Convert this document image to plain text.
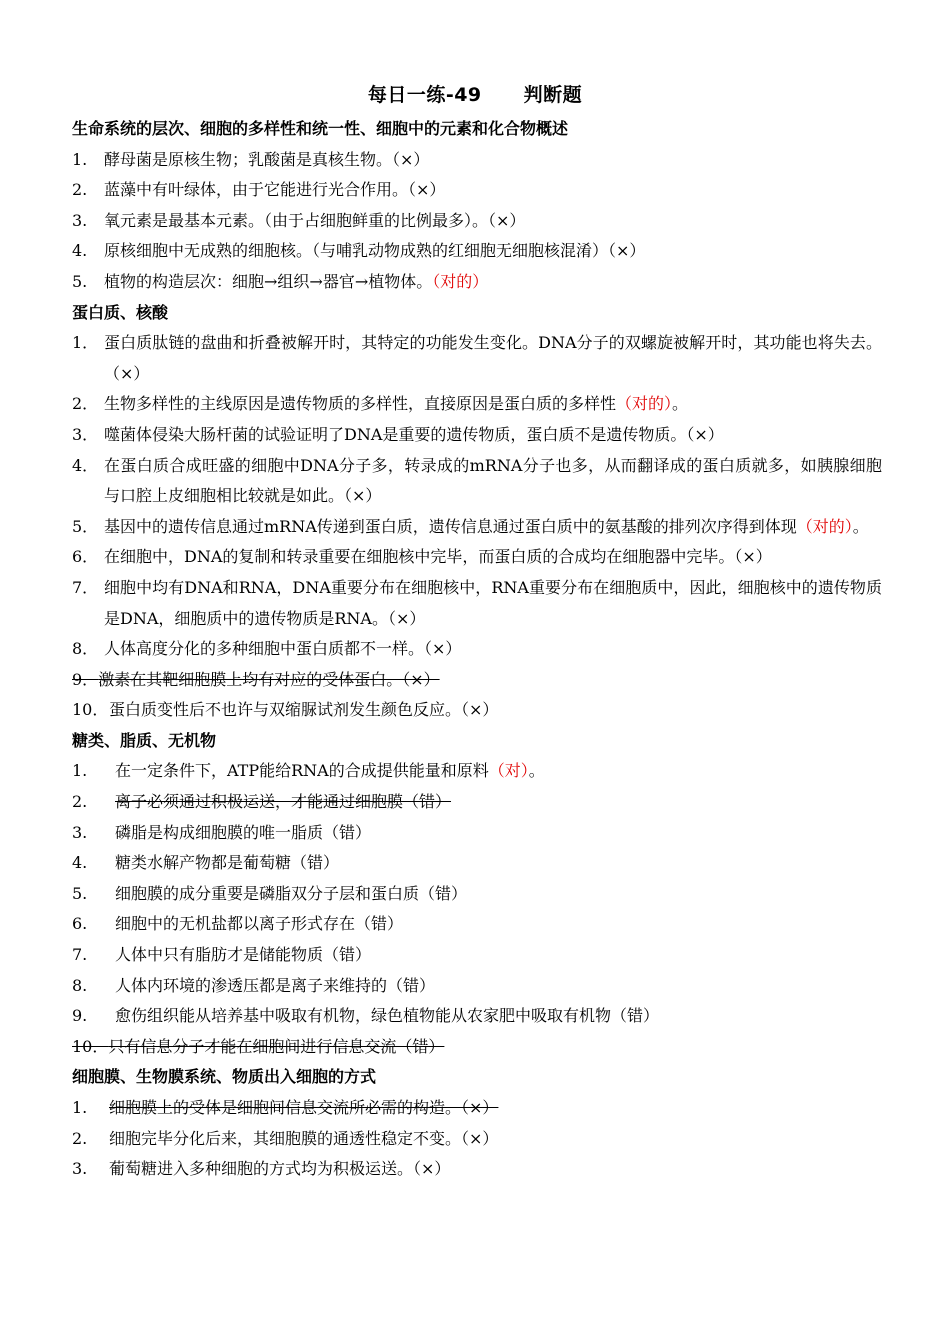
每日一练-49 判断题
生命系统的层次、细胞的多样性和统一性、细胞中的元素和化合物概述
1.	酵母菌是原核生物；乳酸菌是真核生物。（×）
2.	蓝藻中有叶绿体，由于它能进行光合作用。（×）
3.	氧元素是最基本元素。（由于占细胞鲜重的比例最多）。（×）
4.	原核细胞中无成熟的细胞核。（与哺乳动物成熟的红细胞无细胞核混淆）（×）
5.	植物的构造层次：细胞→组织→器官→植物体。（对的）
蛋白质、核酸
1． 蛋白质肽链的盘曲和折叠被解开时，其特定的功能发生变化。DNA分子的双螺旋被解开时，其功能也将失去。（×）
2． 生物多样性的主线原因是遗传物质的多样性，直接原因是蛋白质的多样性（对的）。
3． 噬菌体侵染大肠杆菌的试验证明了DNA是重要的遗传物质，蛋白质不是遗传物质。（×）
4． 在蛋白质合成旺盛的细胞中DNA分子多，转录成的mRNA分子也多，从而翻译成的蛋白质就多，如胰腺细胞与口腔上皮细胞相比较就是如此。（×）
5． 基因中的遗传信息通过mRNA传递到蛋白质，遗传信息通过蛋白质中的氨基酸的排列次序得到体现（对的）。
6． 在细胞中，DNA的复制和转录重要在细胞核中完毕，而蛋白质的合成均在细胞器中完毕。（×）
7． 细胞中均有DNA和RNA，DNA重要分布在细胞核中，RNA重要分布在细胞质中，因此，细胞核中的遗传物质是DNA，细胞质中的遗传物质是RNA。（×）
8． 人体高度分化的多种细胞中蛋白质都不一样。（×）
9．激素在其靶细胞膜上均有对应的受体蛋白。（×）
10． 蛋白质变性后不也许与双缩脲试剂发生颜色反应。（×）
糖类、脂质、无机物
1.	在一定条件下，ATP能给RNA的合成提供能量和原料（对）。
2. 离子必须通过积极运送，才能通过细胞膜（错）
3.	磷脂是构成细胞膜的唯一脂质（错）
4.	糖类水解产物都是葡萄糖（错）
5.	细胞膜的成分重要是磷脂双分子层和蛋白质（错）
6.	细胞中的无机盐都以离子形式存在（错）
7.	人体中只有脂肪才是储能物质（错）
8.	人体内环境的渗透压都是离子来维持的（错）
9.	愈伤组织能从培养基中吸取有机物，绿色植物能从农家肥中吸取有机物（错）
10．只有信息分子才能在细胞间进行信息交流（错）
细胞膜、生物膜系统、物质出入细胞的方式
1. 细胞膜上的受体是细胞间信息交流所必需的构造。（×）
2.	细胞完毕分化后来，其细胞膜的通透性稳定不变。（×）
3.	葡萄糖进入多种细胞的方式均为积极运送。（×）
